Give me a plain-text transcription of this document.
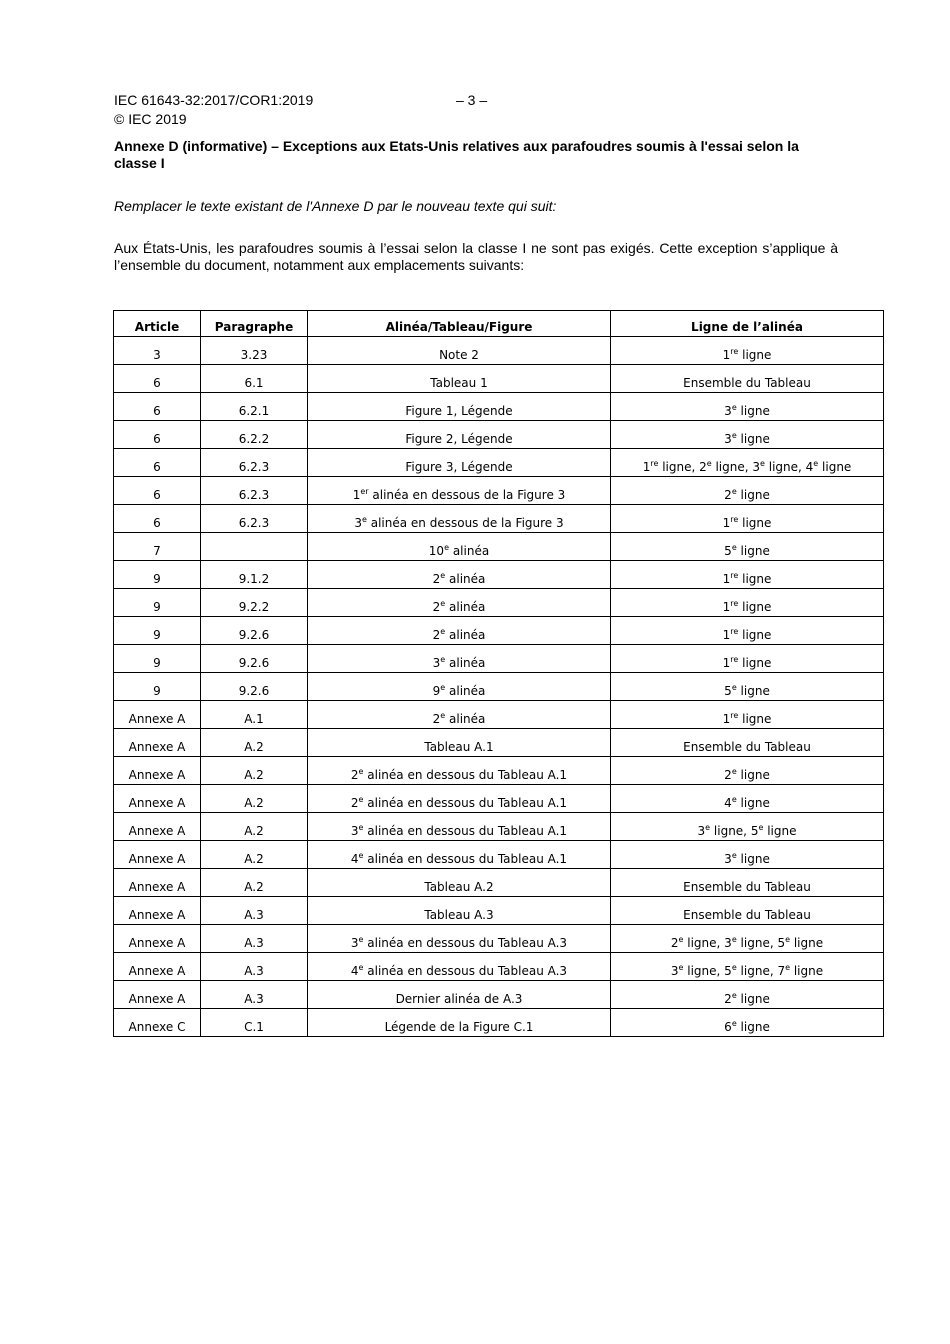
IEC 61643-32:2017/COR1:2019	– 3 –
© IEC 2019
Annexe D (informative) – Exceptions aux Etats-Unis relatives aux parafoudres soumis à l'essai selon la classe I
Remplacer le texte existant de l'Annexe D par le nouveau texte qui suit:
Aux États-Unis, les parafoudres soumis à l’essai selon la classe I ne sont pas exigés. Cette exception s’applique à l’ensemble du document, notamment aux emplacements suivants:
Article	Paragraphe	Alinéa/Tableau/Figure	Ligne de l’alinéa
3	3.23	Note 2	1re ligne
6	6.1	Tableau 1	Ensemble du Tableau
6	6.2.1	Figure 1, Légende	3e ligne
6	6.2.2	Figure 2, Légende	3e ligne
6	6.2.3	Figure 3, Légende	1re ligne, 2e ligne, 3e ligne, 4e ligne
6	6.2.3	1er alinéa en dessous de la Figure 3	2e ligne
6	6.2.3	3e alinéa en dessous de la Figure 3	1re ligne
7		10e alinéa	5e ligne
9	9.1.2	2e alinéa	1re ligne
9	9.2.2	2e alinéa	1re ligne
9	9.2.6	2e alinéa	1re ligne
9	9.2.6	3e alinéa	1re ligne
9	9.2.6	9e alinéa	5e ligne
Annexe A	A.1	2e alinéa	1re ligne
Annexe A	A.2	Tableau A.1	Ensemble du Tableau
Annexe A	A.2	2e alinéa en dessous du Tableau A.1	2e ligne
Annexe A	A.2	2e alinéa en dessous du Tableau A.1	4e ligne
Annexe A	A.2	3e alinéa en dessous du Tableau A.1	3e ligne, 5e ligne
Annexe A	A.2	4e alinéa en dessous du Tableau A.1	3e ligne
Annexe A	A.2	Tableau A.2	Ensemble du Tableau
Annexe A	A.3	Tableau A.3	Ensemble du Tableau
Annexe A	A.3	3e alinéa en dessous du Tableau A.3	2e ligne, 3e ligne, 5e ligne
Annexe A	A.3	4e alinéa en dessous du Tableau A.3	3e ligne, 5e ligne, 7e ligne
Annexe A	A.3	Dernier alinéa de A.3	2e ligne
Annexe C	C.1	Légende de la Figure C.1	6e ligne
